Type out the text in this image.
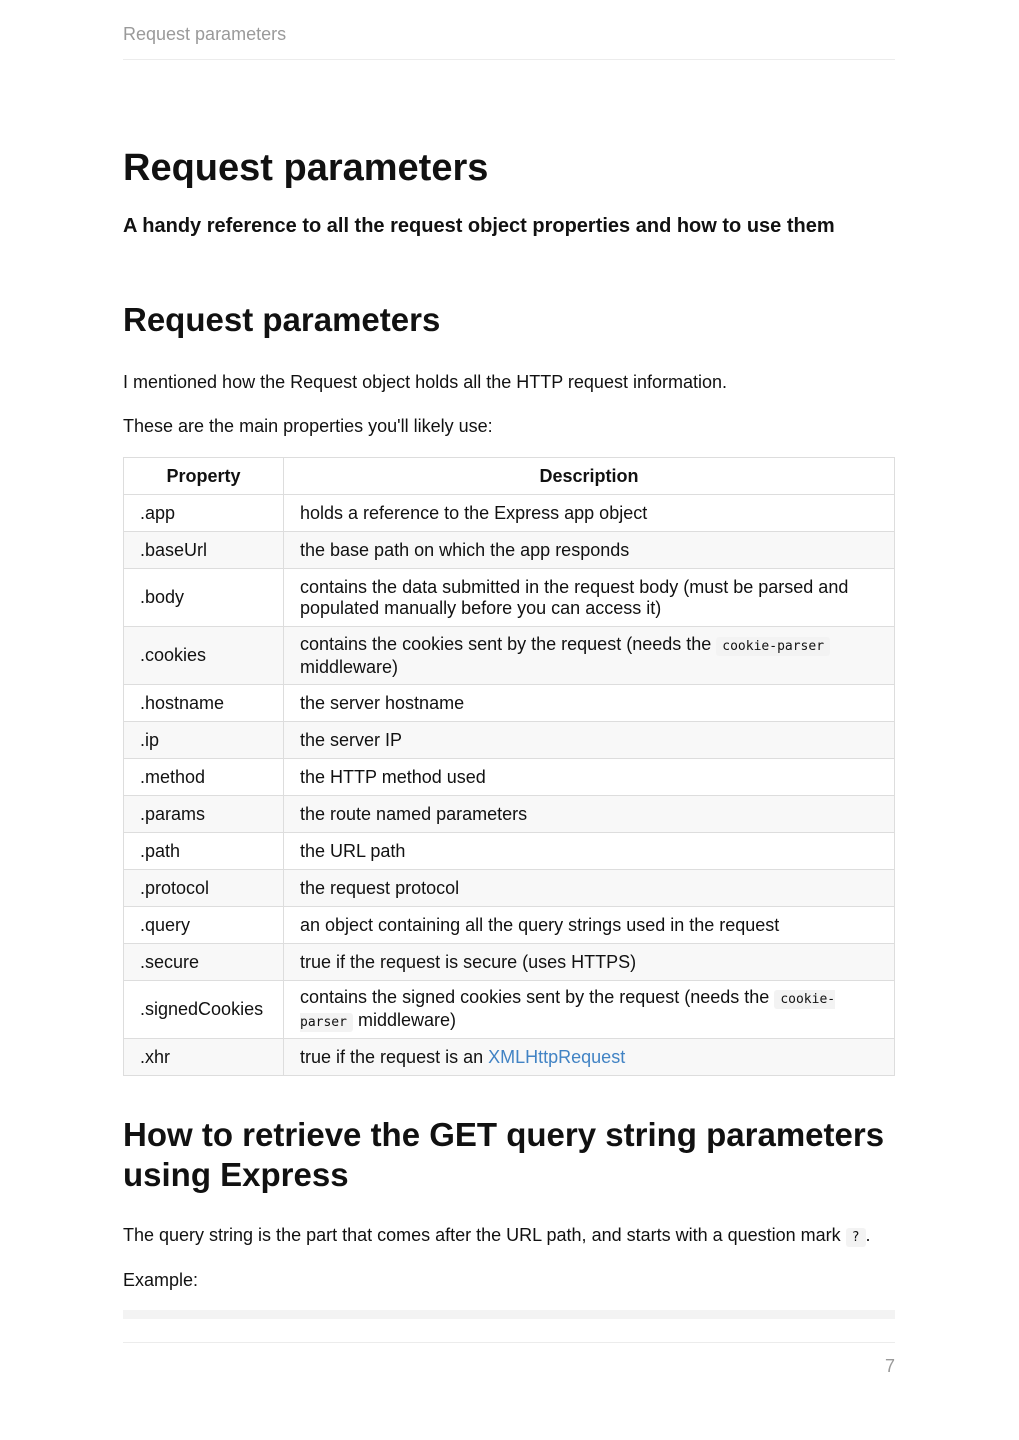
Request parameters
Request parameters

A handy reference to all the request object properties and how to use them

Request parameters

I mentioned how the Request object holds all the HTTP request information.

These are the main properties you'll likely use:

Property	Description
.app	holds a reference to the Express app object
.baseUrl	the base path on which the app responds
.body	contains the data submitted in the request body (must be parsed and populated manually before you can access it)
.cookies	contains the cookies sent by the request (needs the cookie-parser middleware)
.hostname	the server hostname
.ip	the server IP
.method	the HTTP method used
.params	the route named parameters
.path	the URL path
.protocol	the request protocol
.query	an object containing all the query strings used in the request
.secure	true if the request is secure (uses HTTPS)
.signedCookies	contains the signed cookies sent by the request (needs the cookie-parser middleware)
.xhr	true if the request is an XMLHttpRequest
How to retrieve the GET query string parameters using Express

The query string is the part that comes after the URL path, and starts with a question mark ? .

Example:

7
